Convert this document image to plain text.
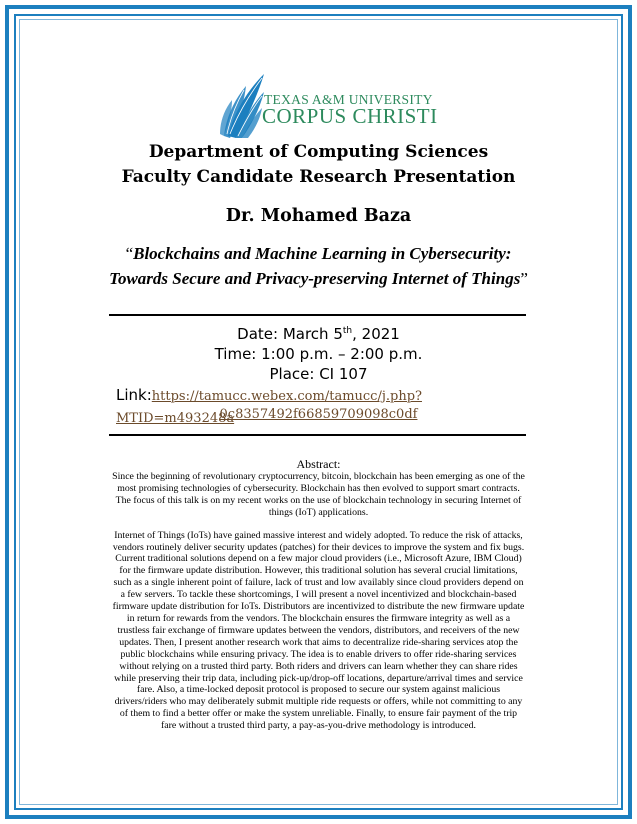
TEXAS A&M UNIVERSITY
CORPUS CHRISTI
Department of Computing Sciences
Faculty Candidate Research Presentation
Dr. Mohamed Baza
“Blockchains and Machine Learning in Cybersecurity:
Towards Secure and Privacy-preserving Internet of Things”
Date: March 5th, 2021
Time: 1:00 p.m. – 2:00 p.m.
Place: CI 107
Link:https://tamucc.webex.com/tamucc/j.php?MTID=m493248a
0c8357492f66859709098c0df
Abstract:

Since the beginning of revolutionary cryptocurrency, bitcoin, blockchain has been emerging as one of the most promising technologies of cybersecurity. Blockchain has then evolved to support smart contracts. The focus of this talk is on my recent works on the use of blockchain technology in securing Internet of things (IoT) applications.

Internet of Things (IoTs) have gained massive interest and widely adopted. To reduce the risk of attacks, vendors routinely deliver security updates (patches) for their devices to improve the system and fix bugs. Current traditional solutions depend on a few major cloud providers (i.e., Microsoft Azure, IBM Cloud) for the firmware update distribution. However, this traditional solution has several crucial limitations, such as a single inherent point of failure, lack of trust and low availably since cloud providers depend on a few servers. To tackle these shortcomings, I will present a novel incentivized and blockchain-based firmware update distribution for IoTs. Distributors are incentivized to distribute the new firmware update in return for rewards from the vendors. The blockchain ensures the firmware integrity as well as a trustless fair exchange of firmware updates between the vendors, distributors, and receivers of the new updates. Then, I present another research work that aims to decentralize ride-sharing services atop the public blockchains while ensuring privacy. The idea is to enable drivers to offer ride-sharing services without relying on a trusted third party. Both riders and drivers can learn whether they can share rides while preserving their trip data, including pick-up/drop-off locations, departure/arrival times and service fare. Also, a time-locked deposit protocol is proposed to secure our system against malicious drivers/riders who may deliberately submit multiple ride requests or offers, while not committing to any of them to find a better offer or make the system unreliable. Finally, to ensure fair payment of the trip fare without a trusted third party, a pay-as-you-drive methodology is introduced.
